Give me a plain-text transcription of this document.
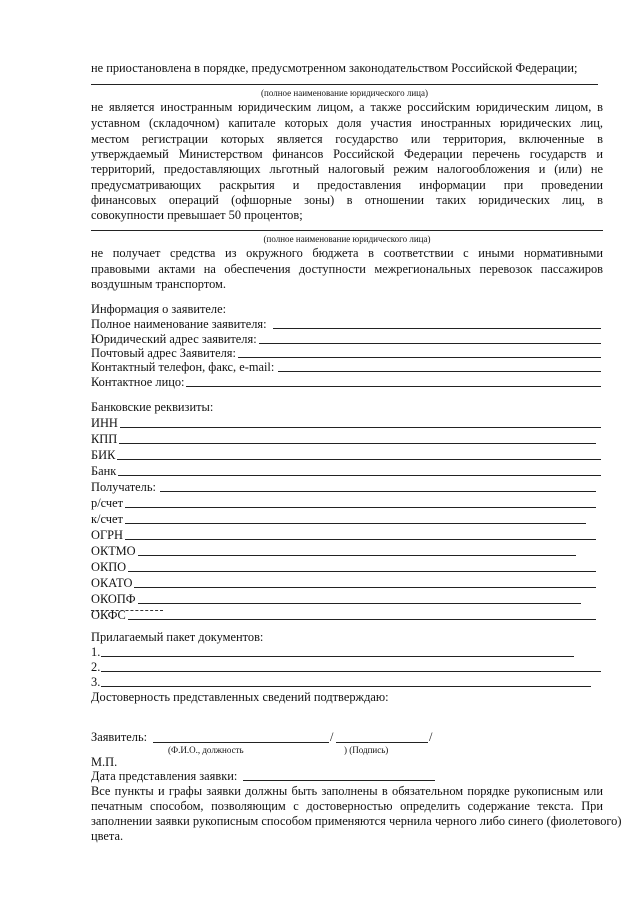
не приостановлена в порядке, предусмотренном законодательством Российской Федерации;
(полное наименование юридического лица)
не является иностранным юридическим лицом, а также российским юридическим лицом, в
уставном (складочном) капитале которых доля участия иностранных юридических лиц,
местом регистрации которых является государство или территория, включенные в
утверждаемый Министерством финансов Российской Федерации перечень государств и
территорий, предоставляющих льготный налоговый режим налогообложения и (или) не
предусматривающих раскрытия и предоставления информации при проведении
финансовых операций (офшорные зоны) в отношении таких юридических лиц, в
совокупности превышает 50 процентов;
(полное наименование юридического лица)
не получает средства из окружного бюджета в соответствии с иными нормативными
правовыми актами на обеспечения доступности межрегиональных перевозок пассажиров
воздушным транспортом.
Информация о заявителе:
Полное наименование заявителя:
Юридический адрес заявителя:
Почтовый адрес Заявителя:
Контактный телефон, факс, e-mail:
Контактное лицо:
Банковские реквизиты:
ИНН
КПП
БИК
Банк
Получатель:
р/счет
к/счет
ОГРН
ОКТМО
ОКПО
ОКАТО
ОКОПФ
ОКФС
Прилагаемый пакет документов:
1.
2.
3.
Достоверность представленных сведений подтверждаю:
Заявитель:	/	/
(Ф.И.О., должность	) (Подпись)
М.П.
Дата представления заявки:
Все пункты и графы заявки должны быть заполнены в обязательном порядке рукописным или
печатным способом, позволяющим с достоверностью определить содержание текста. При
заполнении заявки рукописным способом применяются чернила черного либо синего (фиолетового)
цвета.
